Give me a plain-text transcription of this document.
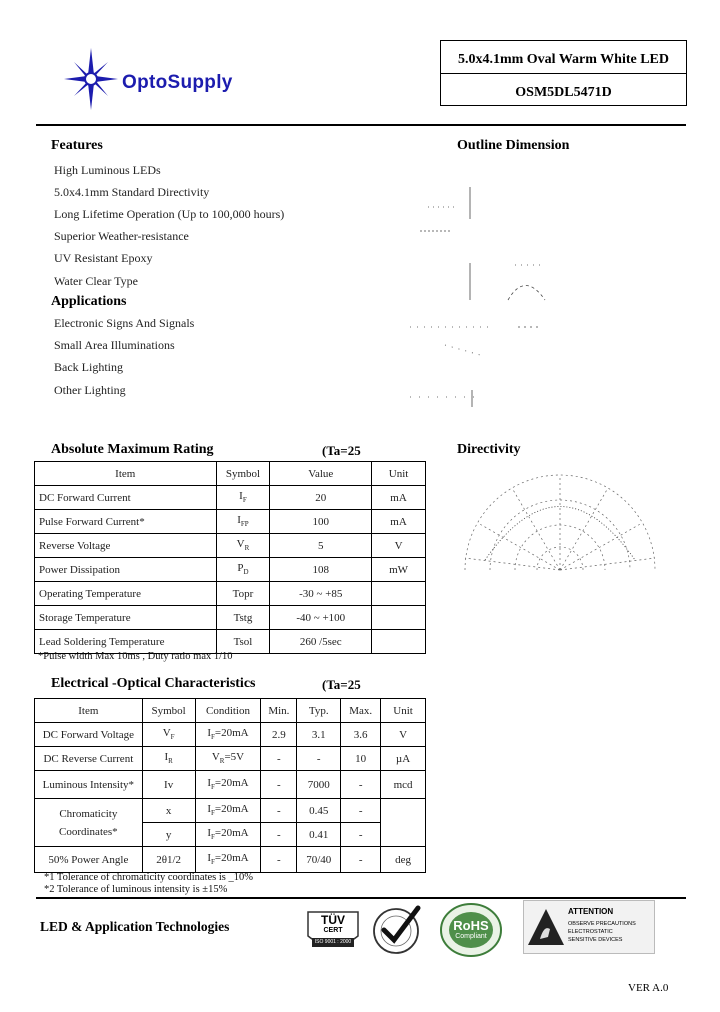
OptoSupply
5.0x4.1mm Oval Warm White LED
OSM5DL5471D
Features
High Luminous LEDs
5.0x4.1mm Standard Directivity
Long Lifetime Operation (Up to 100,000 hours)
Superior Weather-resistance
UV Resistant Epoxy
Water Clear Type
Applications
Electronic Signs And Signals
Small Area Illuminations
Back Lighting
Other Lighting
Outline Dimension
Directivity
Absolute Maximum Rating	(Ta=25
Item	Symbol	Value	Unit
DC Forward Current	$I_F$	20	mA
Pulse Forward Current*	$I_{FP}$	100	mA
Reverse Voltage	$V_R$	5	V
Power Dissipation	$P_D$	108	mW
Operating Temperature	Topr	-30 ~ +85	
Storage Temperature	Tstg	-40 ~ +100	
Lead Soldering Temperature	Tsol	260 /5sec	
*Pulse width Max 10ms , Duty ratio max 1/10
Electrical -Optical Characteristics	(Ta=25
Item	Symbol	Condition	Min.	Typ.	Max.	Unit
DC Forward Voltage	$V_F$	$I_F=20mA$	2.9	3.1	3.6	V
DC Reverse Current	$I_R$	$V_R=5V$	-	-	10	µA
Luminous Intensity*	Iv	$I_F=20mA$	-	7000	-	mcd

Chromaticity
Coordinates*	x	$I_F=20mA$	-	0.45	-	
	y	$I_F=20mA$	-	0.41	-	
50% Power Angle	2θ1/2	$I_F=20mA$	-	70/40	-	deg
*1 Tolerance of chromaticity coordinates is _10%
*2 Tolerance of luminous intensity is ±15%
LED & Application Technologies	TÜV
CERT
ISO 9001 : 2000
RoHS
Compliant
ATTENTION
OBSERVE PRECAUTIONS
ELECTROSTATIC
SENSITIVE DEVICES
VER A.0
